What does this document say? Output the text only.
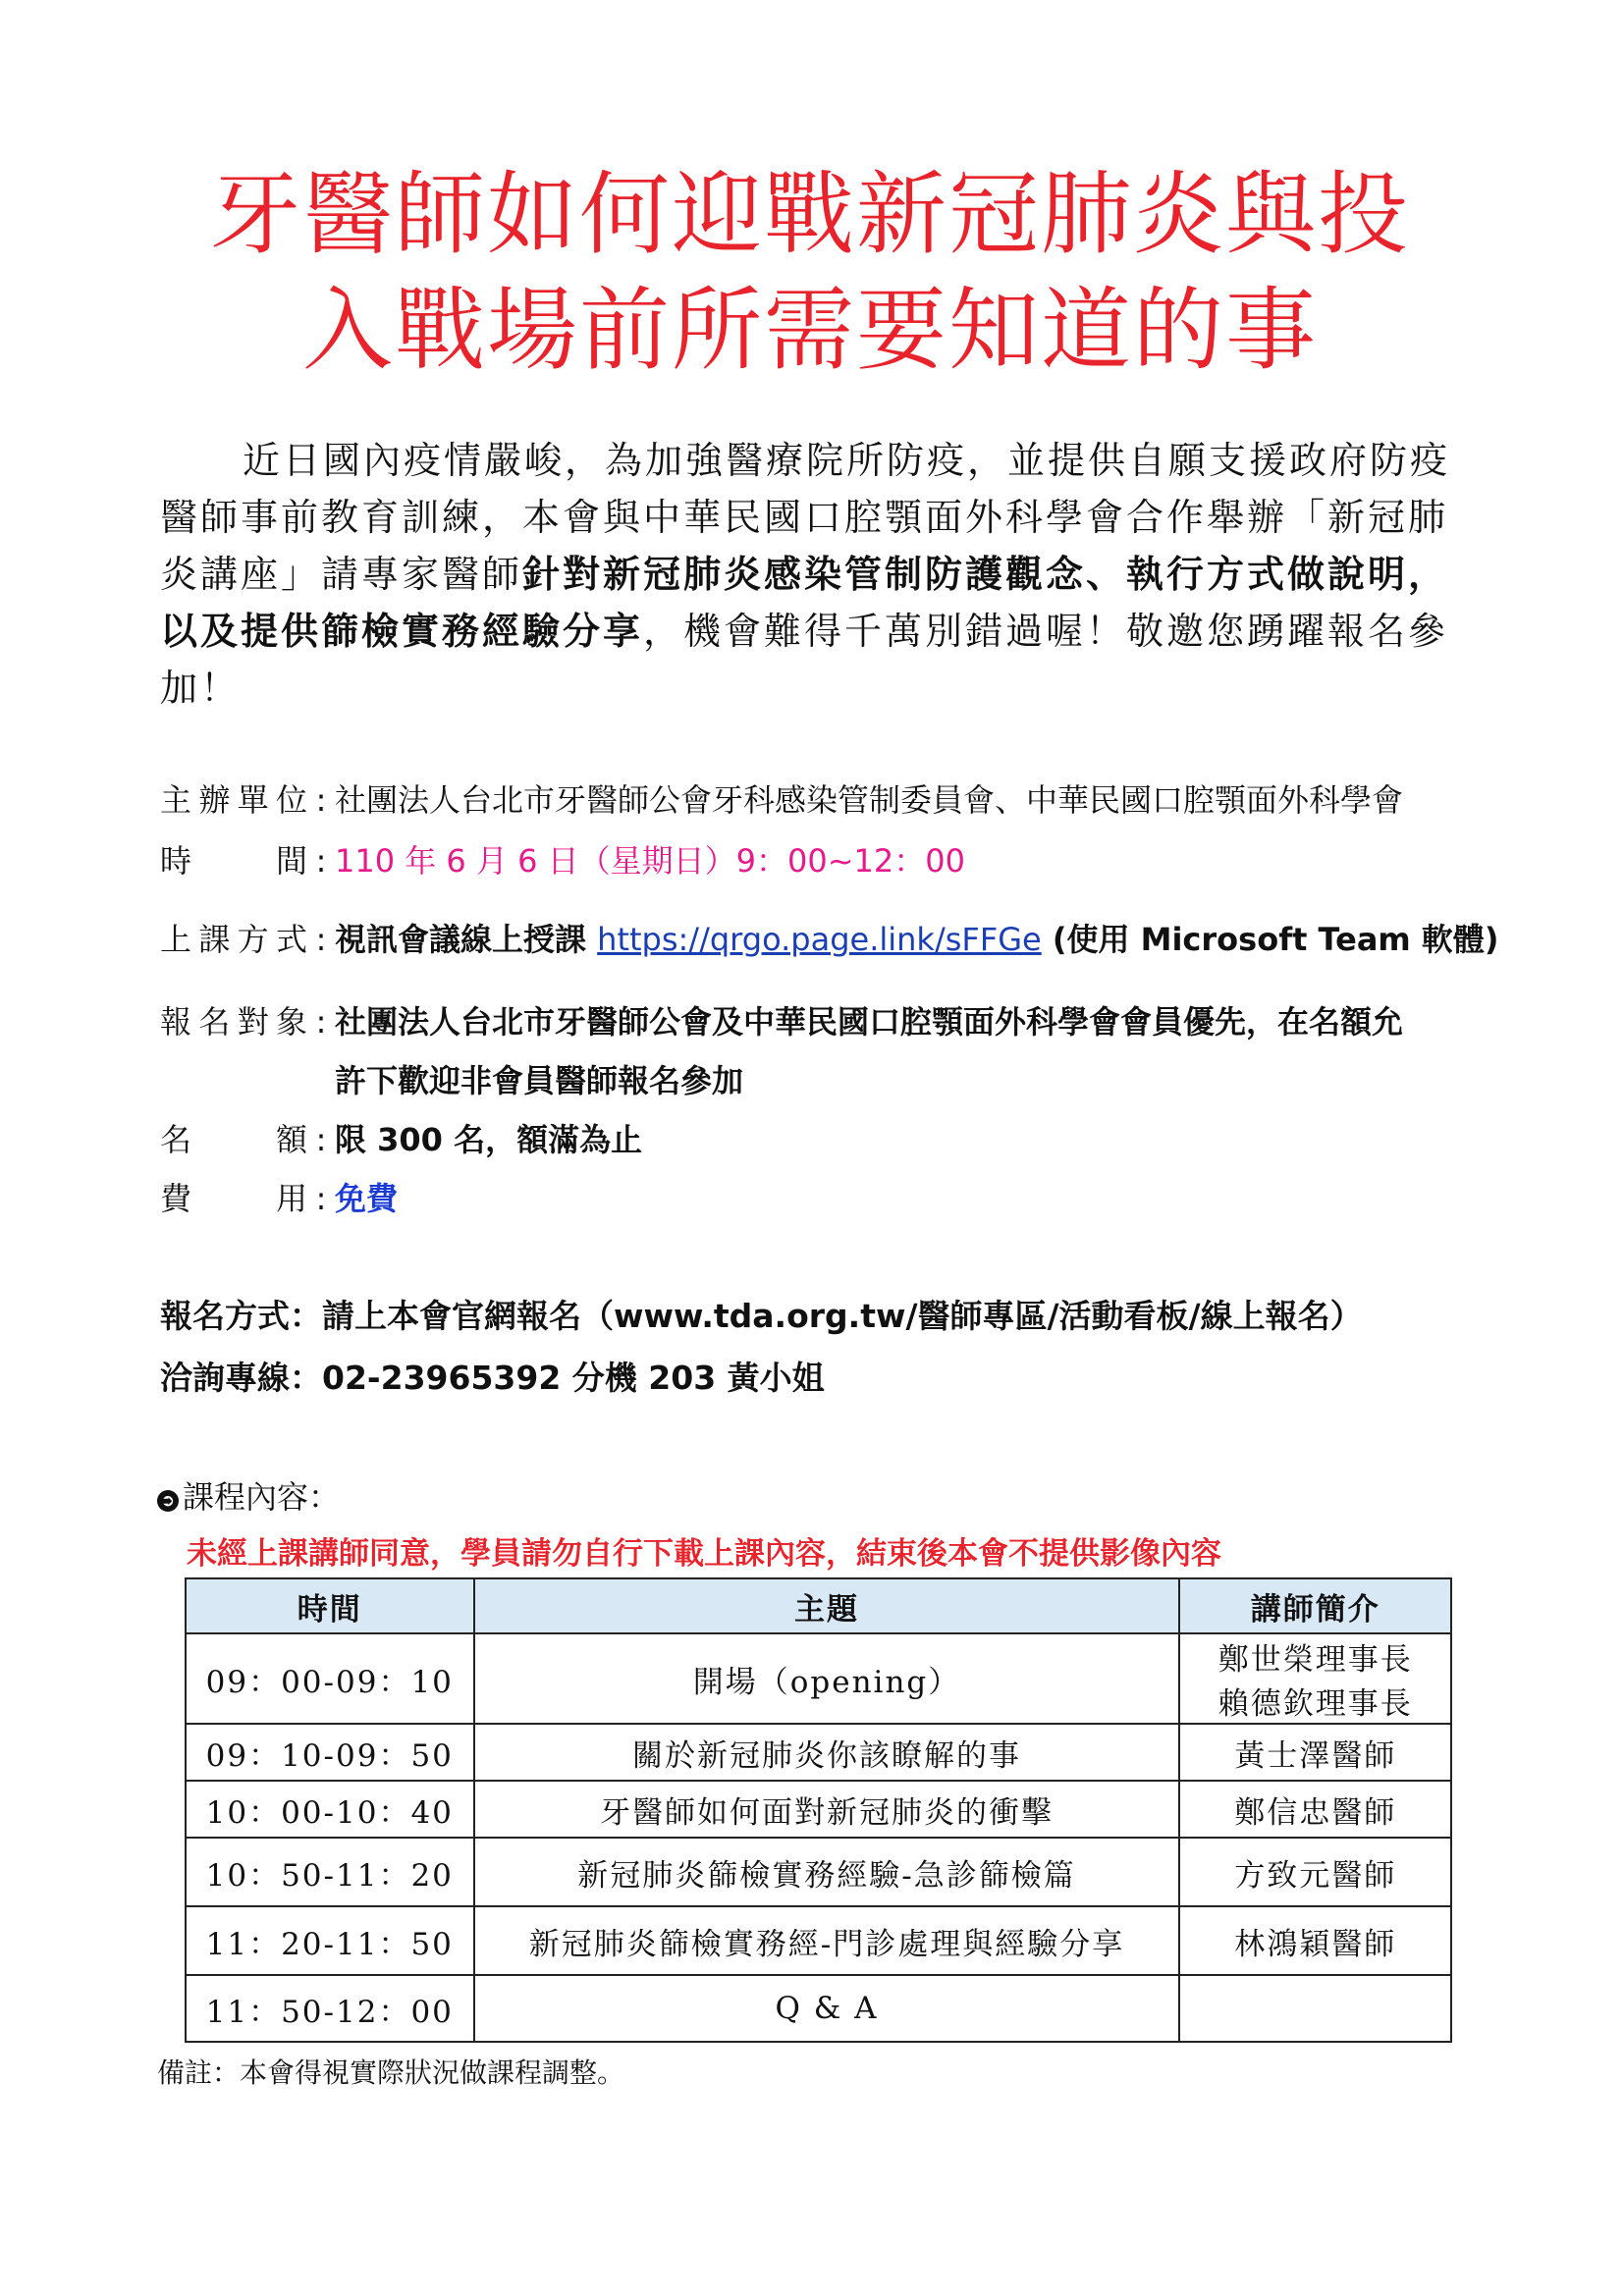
牙醫師如何迎戰新冠肺炎與投
入戰場前所需要知道的事
近日國內疫情嚴峻，為加強醫療院所防疫，並提供自願支援政府防疫醫師事前教育訓練，本會與中華民國口腔顎面外科學會合作舉辦「新冠肺炎講座」請專家醫師針對新冠肺炎感染管制防護觀念、執行方式做說明，以及提供篩檢實務經驗分享，機會難得千萬別錯過喔！敬邀您踴躍報名參加！
主辦單位 : 社團法人台北市牙醫師公會牙科感染管制委員會、中華民國口腔顎面外科學會
時　　間 : 110 年 6 月 6 日（星期日）9：00~12：00
上課方式 : 視訊會議線上授課 https://qrgo.page.link/sFFGe (使用 Microsoft Team 軟體)
報名對象 : 社團法人台北市牙醫師公會及中華民國口腔顎面外科學會會員優先，在名額允
許下歡迎非會員醫師報名參加
名　　額 : 限 300 名，額滿為止
費　　用 : 免費
報名方式：請上本會官網報名（www.tda.org.tw/醫師專區/活動看板/線上報名）
洽詢專線：02-23965392 分機 203 黃小姐
➲ 課程內容：
未經上課講師同意，學員請勿自行下載上課內容，結束後本會不提供影像內容
時間	主題	講師簡介
09：00-09：10	開場（opening）	鄭世榮理事長
賴德欽理事長

09：10-09：50	關於新冠肺炎你該瞭解的事	黃士澤醫師
10：00-10：40	牙醫師如何面對新冠肺炎的衝擊	鄭信忠醫師
10：50-11：20	新冠肺炎篩檢實務經驗-急診篩檢篇	方致元醫師
11：20-11：50	新冠肺炎篩檢實務經-門診處理與經驗分享	林鴻穎醫師
11：50-12：00	Q & A	
備註：本會得視實際狀況做課程調整。
